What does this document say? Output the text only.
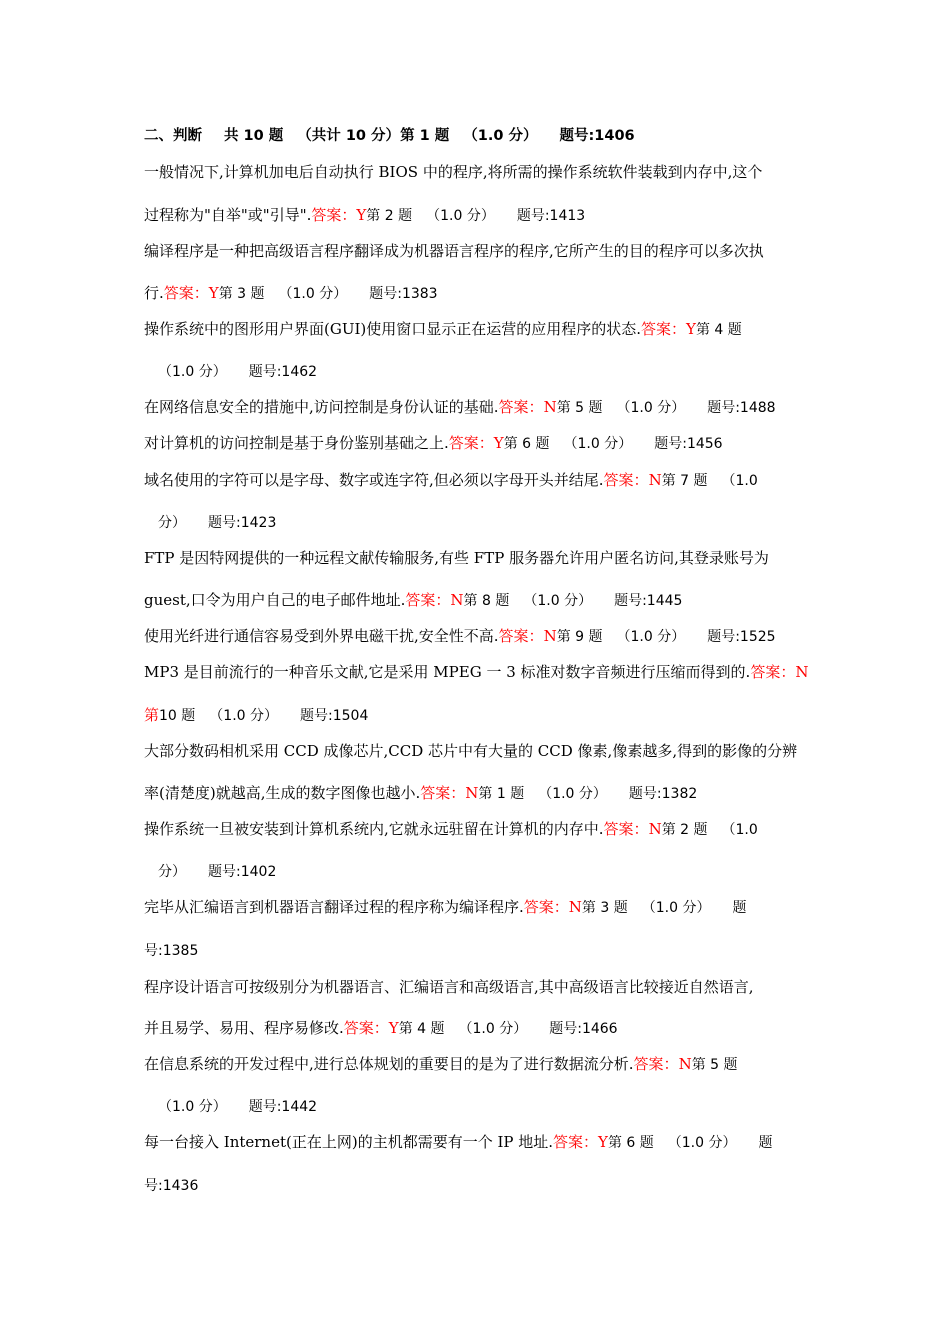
二、判断 共 10 题 （共计 10 分）第 1 题 （1.0 分） 题号:1406
一般情况下,计算机加电后自动执行 BIOS 中的程序,将所需的操作系统软件装载到内存中,这个
过程称为"自举"或"引导".答案：Y第 2 题 （1.0 分） 题号:1413
编译程序是一种把高级语言程序翻译成为机器语言程序的程序,它所产生的目的程序可以多次执
行.答案：Y第 3 题 （1.0 分） 题号:1383
操作系统中的图形用户界面(GUI)使用窗口显示正在运营的应用程序的状态.答案：Y第 4 题
（1.0 分） 题号:1462
在网络信息安全的措施中,访问控制是身份认证的基础.答案：N第 5 题 （1.0 分） 题号:1488
对计算机的访问控制是基于身份鉴别基础之上.答案：Y第 6 题 （1.0 分） 题号:1456
域名使用的字符可以是字母、数字或连字符,但必须以字母开头并结尾.答案：N第 7 题 （1.0
分） 题号:1423
FTP 是因特网提供的一种远程文献传输服务,有些 FTP 服务器允许用户匿名访问,其登录账号为
guest,口令为用户自己的电子邮件地址.答案：N第 8 题 （1.0 分） 题号:1445
使用光纤进行通信容易受到外界电磁干扰,安全性不高.答案：N第 9 题 （1.0 分） 题号:1525
MP3 是目前流行的一种音乐文献,它是采用 MPEG 一 3 标准对数字音频进行压缩而得到的.答案：N
第10 题 （1.0 分） 题号:1504
大部分数码相机采用 CCD 成像芯片,CCD 芯片中有大量的 CCD 像素,像素越多,得到的影像的分辨
率(清楚度)就越高,生成的数字图像也越小.答案：N第 1 题 （1.0 分） 题号:1382
操作系统一旦被安装到计算机系统内,它就永远驻留在计算机的内存中.答案：N第 2 题 （1.0
分） 题号:1402
完毕从汇编语言到机器语言翻译过程的程序称为编译程序.答案：N第 3 题 （1.0 分） 题
号:1385
程序设计语言可按级别分为机器语言、汇编语言和高级语言,其中高级语言比较接近自然语言,
并且易学、易用、程序易修改.答案：Y第 4 题 （1.0 分） 题号:1466
在信息系统的开发过程中,进行总体规划的重要目的是为了进行数据流分析.答案：N第 5 题
（1.0 分） 题号:1442
每一台接入 Internet(正在上网)的主机都需要有一个 IP 地址.答案：Y第 6 题 （1.0 分） 题
号:1436
